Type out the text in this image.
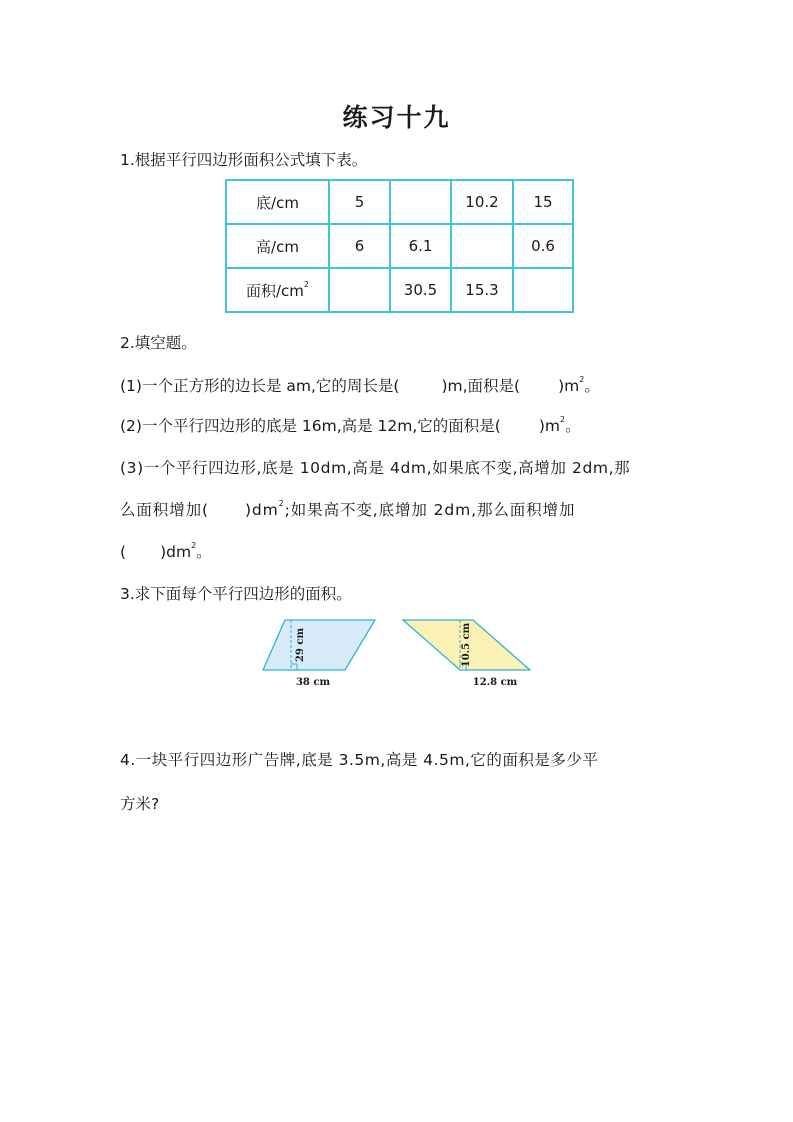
练习十九
1.根据平行四边形面积公式填下表。
底/cm	5		10.2	15
高/cm	6	6.1		0.6
面积$/cm^2$		30.5	15.3	
2.填空题。
(1)一个正方形的边长是 am,它的周长是(	)m,面积是( )$m^2$。
(2)一个平行四边形的底是 16m,高是 12m,它的面积是( )$m^2$。
(3)一个平行四边形,底是 10dm,高是 4dm,如果底不变,高增加 2dm,那
么面积增加( )$dm^2$;如果高不变,底增加 2dm,那么面积增加
( )$dm^2$。
3.求下面每个平行四边形的面积。
29 cm
38 cm
10.5 cm
12.8 cm
4.一块平行四边形广告牌,底是 3.5m,高是 4.5m,它的面积是多少平
方米?
